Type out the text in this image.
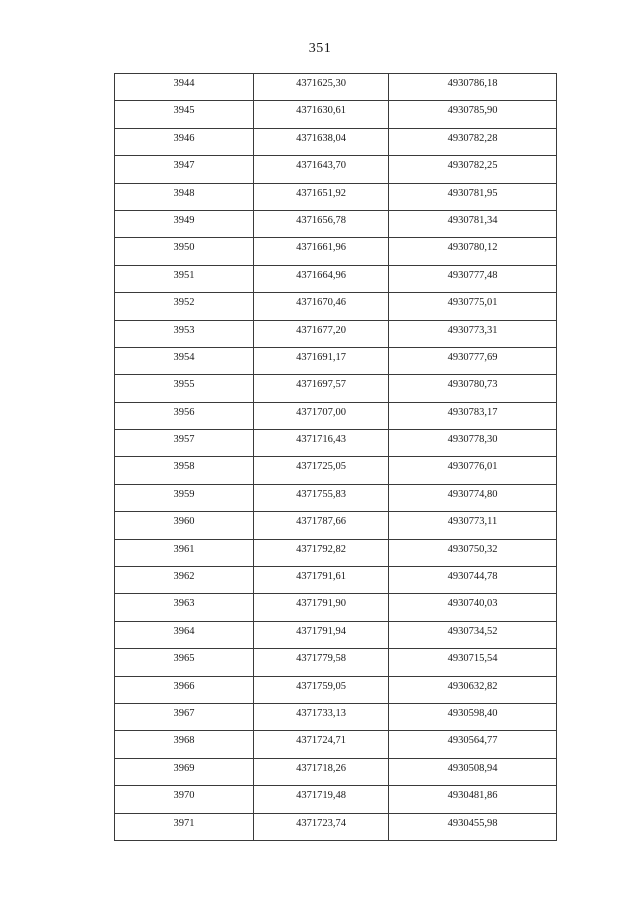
351
3944	4371625,30	4930786,18
3945	4371630,61	4930785,90
3946	4371638,04	4930782,28
3947	4371643,70	4930782,25
3948	4371651,92	4930781,95
3949	4371656,78	4930781,34
3950	4371661,96	4930780,12
3951	4371664,96	4930777,48
3952	4371670,46	4930775,01
3953	4371677,20	4930773,31
3954	4371691,17	4930777,69
3955	4371697,57	4930780,73
3956	4371707,00	4930783,17
3957	4371716,43	4930778,30
3958	4371725,05	4930776,01
3959	4371755,83	4930774,80
3960	4371787,66	4930773,11
3961	4371792,82	4930750,32
3962	4371791,61	4930744,78
3963	4371791,90	4930740,03
3964	4371791,94	4930734,52
3965	4371779,58	4930715,54
3966	4371759,05	4930632,82
3967	4371733,13	4930598,40
3968	4371724,71	4930564,77
3969	4371718,26	4930508,94
3970	4371719,48	4930481,86
3971	4371723,74	4930455,98
